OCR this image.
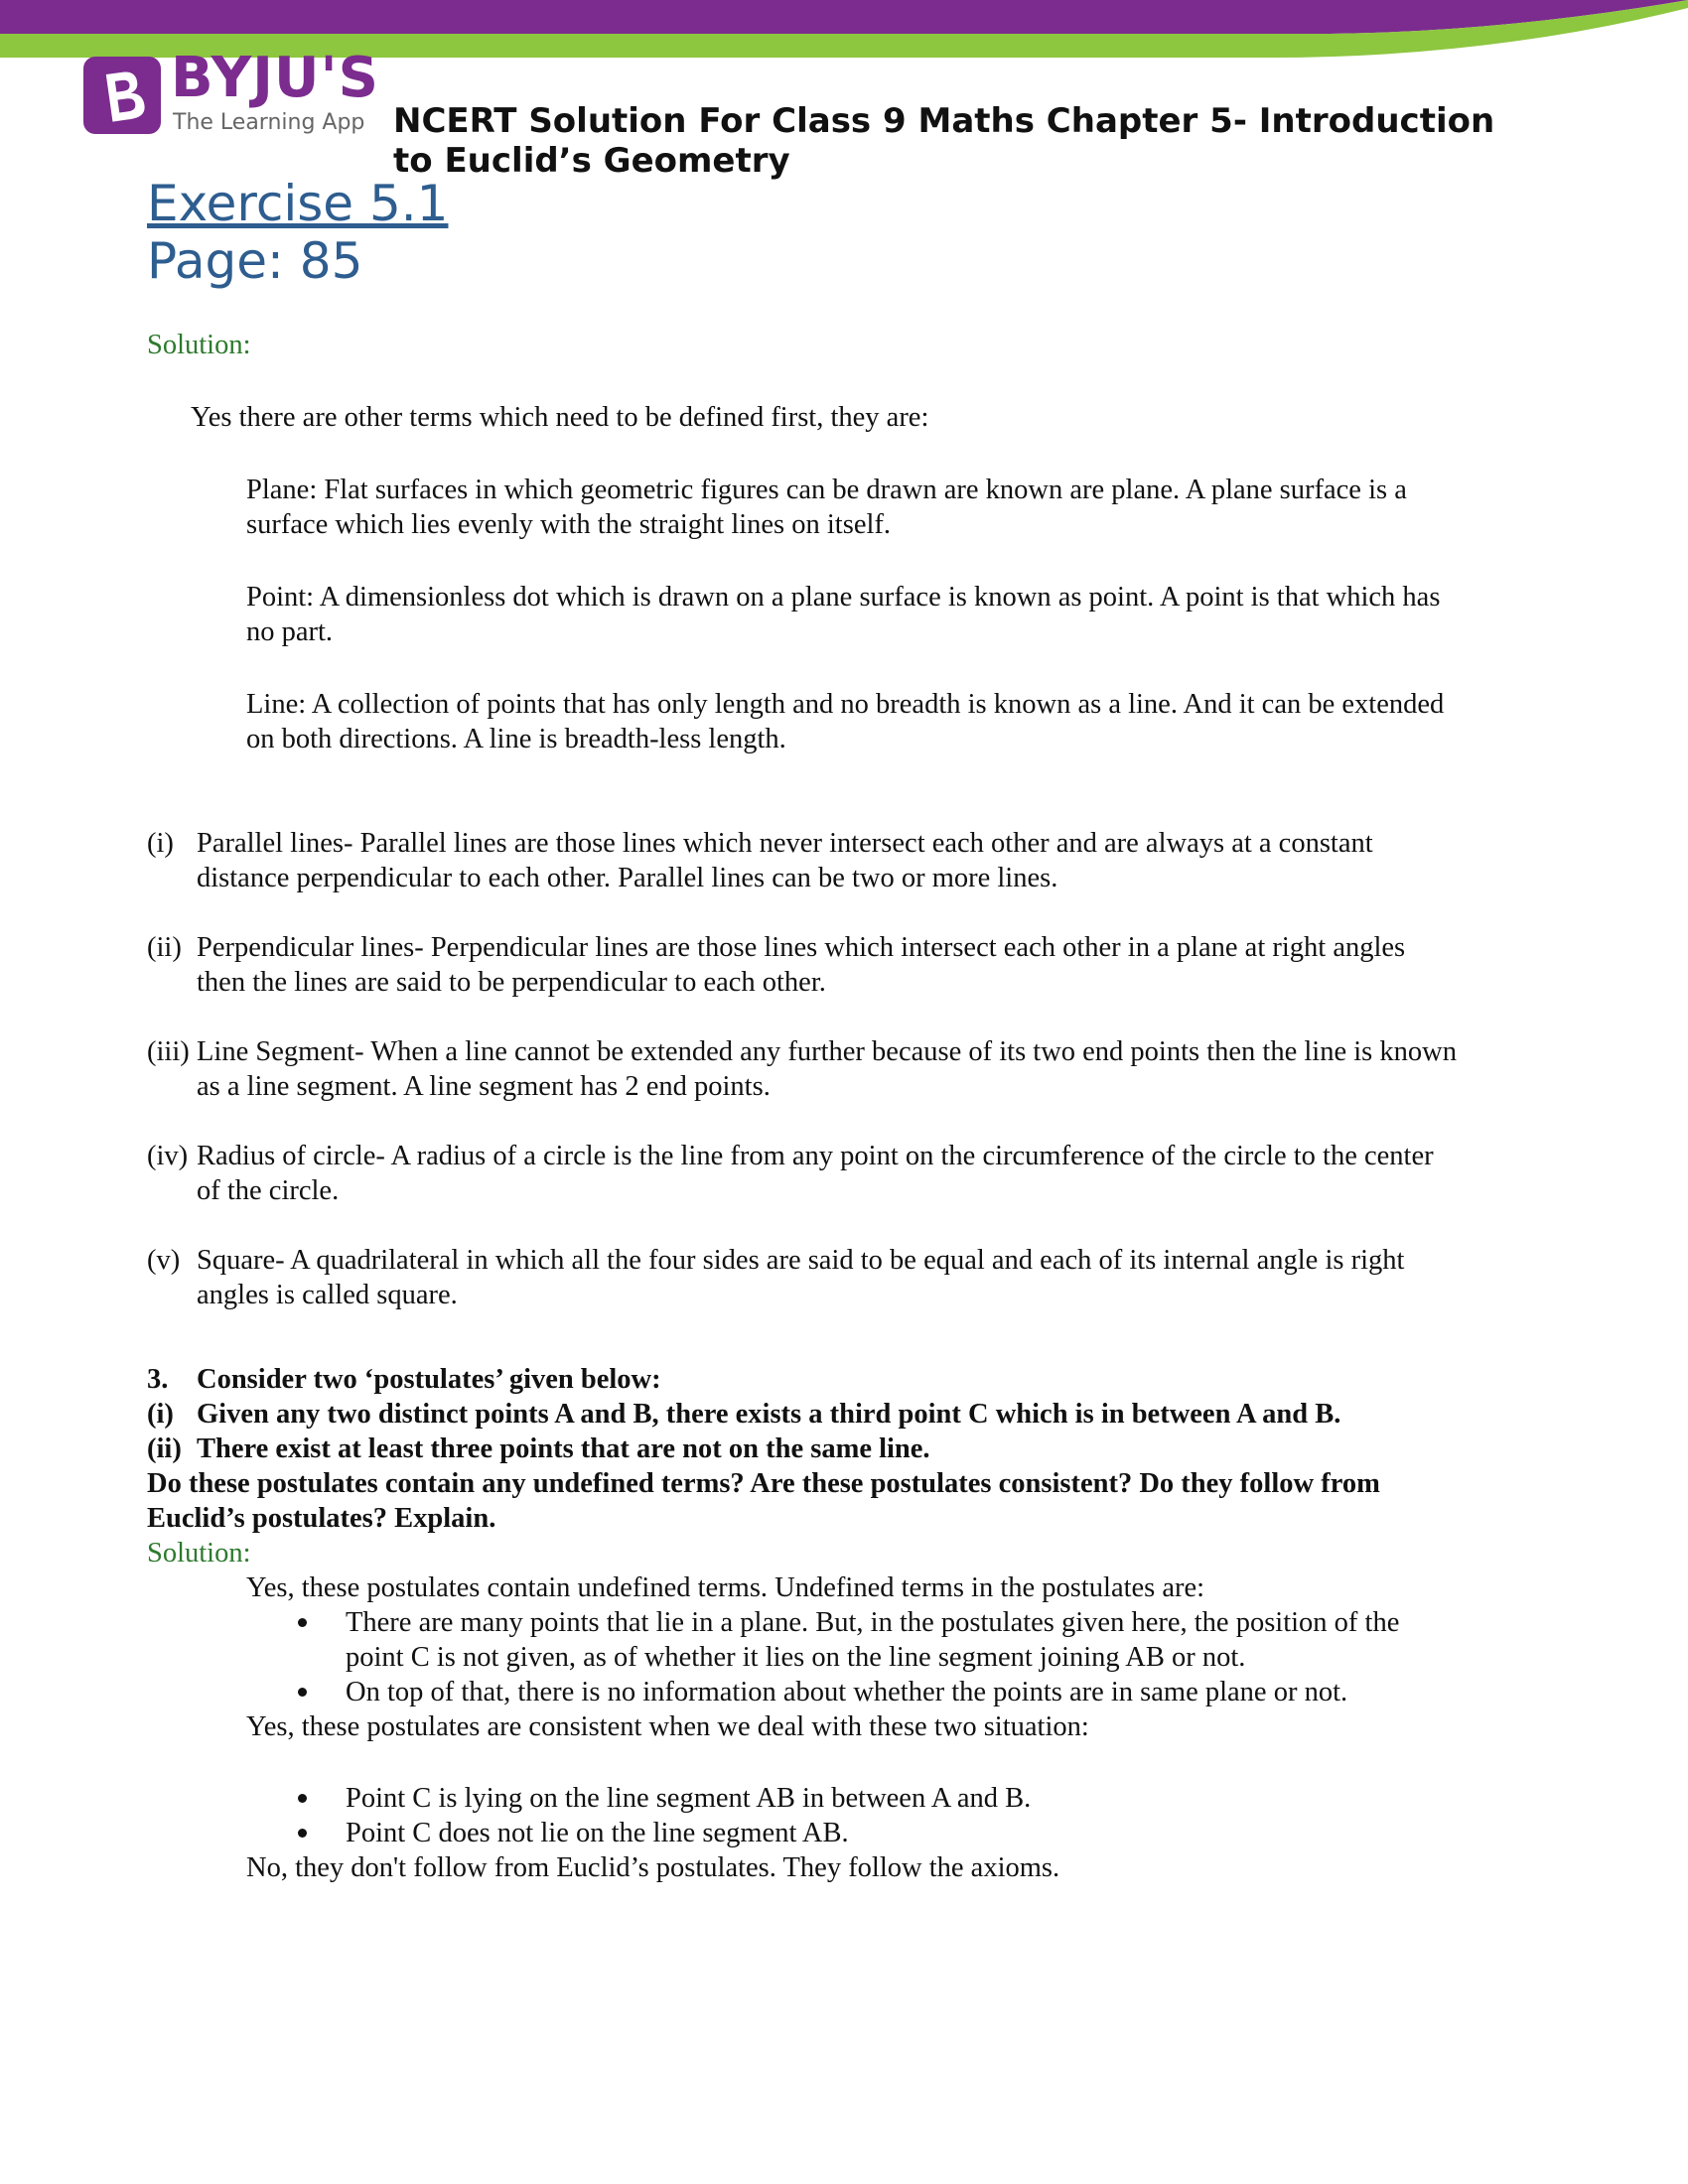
BYJU'S
The Learning App NCERT Solution For Class 9 Maths Chapter 5- Introduction to Euclid’s Geometry
Exercise 5.1
Page: 85

Solution:

Yes there are other terms which need to be defined first, they are:

Plane: Flat surfaces in which geometric figures can be drawn are known are plane. A plane surface is a surface which lies evenly with the straight lines on itself.

Point: A dimensionless dot which is drawn on a plane surface is known as point. A point is that which has no part.

Line: A collection of points that has only length and no breadth is known as a line. And it can be extended on both directions. A line is breadth-less length.

(i) Parallel lines- Parallel lines are those lines which never intersect each other and are always at a constant distance perpendicular to each other. Parallel lines can be two or more lines.
(ii) Perpendicular lines- Perpendicular lines are those lines which intersect each other in a plane at right angles then the lines are said to be perpendicular to each other.
(iii) Line Segment- When a line cannot be extended any further because of its two end points then the line is known as a line segment. A line segment has 2 end points.
(iv) Radius of circle- A radius of a circle is the line from any point on the circumference of the circle to the center of the circle.
(v) Square- A quadrilateral in which all the four sides are said to be equal and each of its internal angle is right angles is called square.
3. Consider two ‘postulates’ given below:
(i) Given any two distinct points A and B, there exists a third point C which is in between A and B.
(ii) There exist at least three points that are not on the same line.
Do these postulates contain any undefined terms? Are these postulates consistent? Do they follow from Euclid’s postulates? Explain.

Solution:

Yes, these postulates contain undefined terms. Undefined terms in the postulates are:

There are many points that lie in a plane. But, in the postulates given here, the position of the point C is not given, as of whether it lies on the line segment joining AB or not.
On top of that, there is no information about whether the points are in same plane or not.

Yes, these postulates are consistent when we deal with these two situation:

Point C is lying on the line segment AB in between A and B.
Point C does not lie on the line segment AB.

No, they don't follow from Euclid’s postulates. They follow the axioms.
